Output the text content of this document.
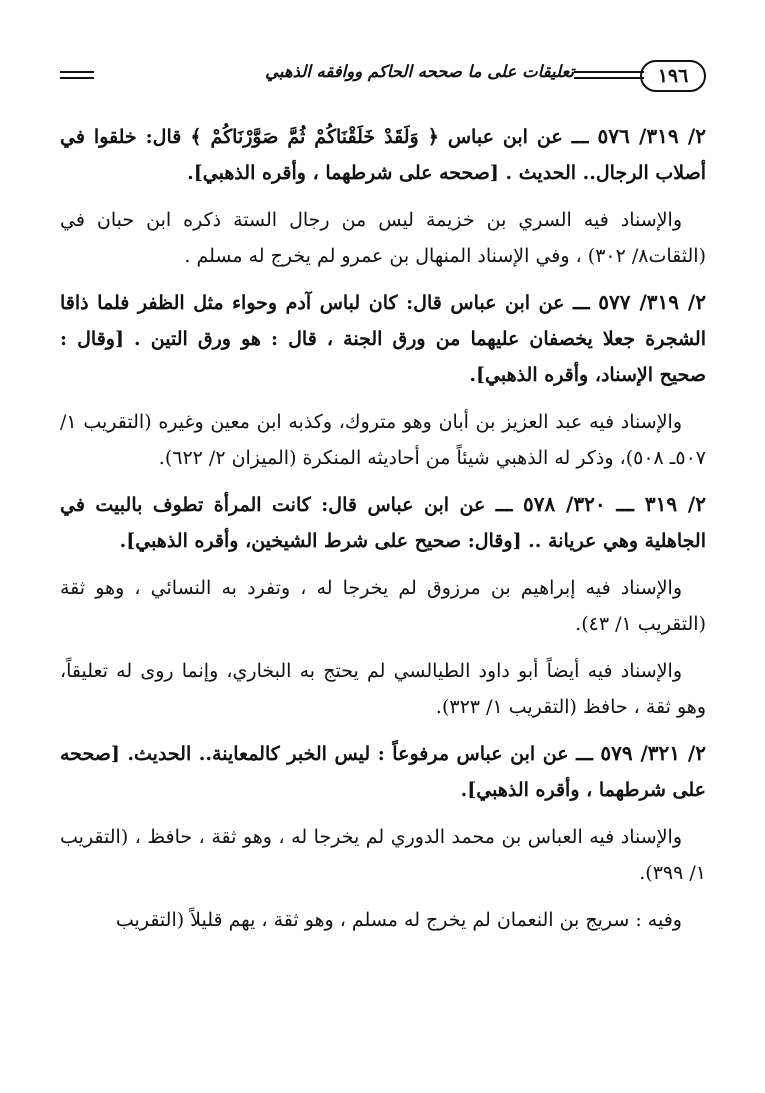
١٩٦
تعليقات على ما صححه الحاكم ووافقه الذهبي

٢/ ٣١٩/ ٥٧٦ ـــ عن ابن عباس ﴿ وَلَقَدْ خَلَقْنَاكُمْ ثُمَّ صَوَّرْنَاكُمْ ﴾ قال: خلقوا في أصلاب الرجال.. الحديث . [صححه على شرطهما ، وأقره الذهبي].

والإسناد فيه السري بن خزيمة ليس من رجال الستة ذكره ابن حبان في (الثقات٨/ ٣٠٢) ، وفي الإسناد المنهال بن عمرو لم يخرج له مسلم .

٢/ ٣١٩/ ٥٧٧ ـــ عن ابن عباس قال: كان لباس آدم وحواء مثل الظفر فلما ذاقا الشجرة جعلا يخصفان عليهما من ورق الجنة ، قال : هو ورق التين . [وقال : صحيح الإسناد، وأقره الذهبي].

والإسناد فيه عبد العزيز بن أبان وهو متروك، وكذبه ابن معين وغيره (التقريب ١/ ٥٠٧ـ ٥٠٨)، وذكر له الذهبي شيئاً من أحاديثه المنكرة (الميزان ٢/ ٦٢٢).

٢/ ٣١٩ ـــ ٣٢٠/ ٥٧٨ ـــ عن ابن عباس قال: كانت المرأة تطوف بالبيت في الجاهلية وهي عريانة .. [وقال: صحيح على شرط الشيخين، وأقره الذهبي].

والإسناد فيه إبراهيم بن مرزوق لم يخرجا له ، وتفرد به النسائي ، وهو ثقة (التقريب ١/ ٤٣).

والإسناد فيه أيضاً أبو داود الطيالسي لم يحتج به البخاري، وإنما روى له تعليقاً، وهو ثقة ، حافظ (التقريب ١/ ٣٢٣).

٢/ ٣٢١/ ٥٧٩ ـــ عن ابن عباس مرفوعاً : ليس الخبر كالمعاينة.. الحديث. [صححه على شرطهما ، وأقره الذهبي].

والإسناد فيه العباس بن محمد الدوري لم يخرجا له ، وهو ثقة ، حافظ ، (التقريب ١/ ٣٩٩).

وفيه : سريج بن النعمان لم يخرج له مسلم ، وهو ثقة ، يهم قليلاً (التقريب
